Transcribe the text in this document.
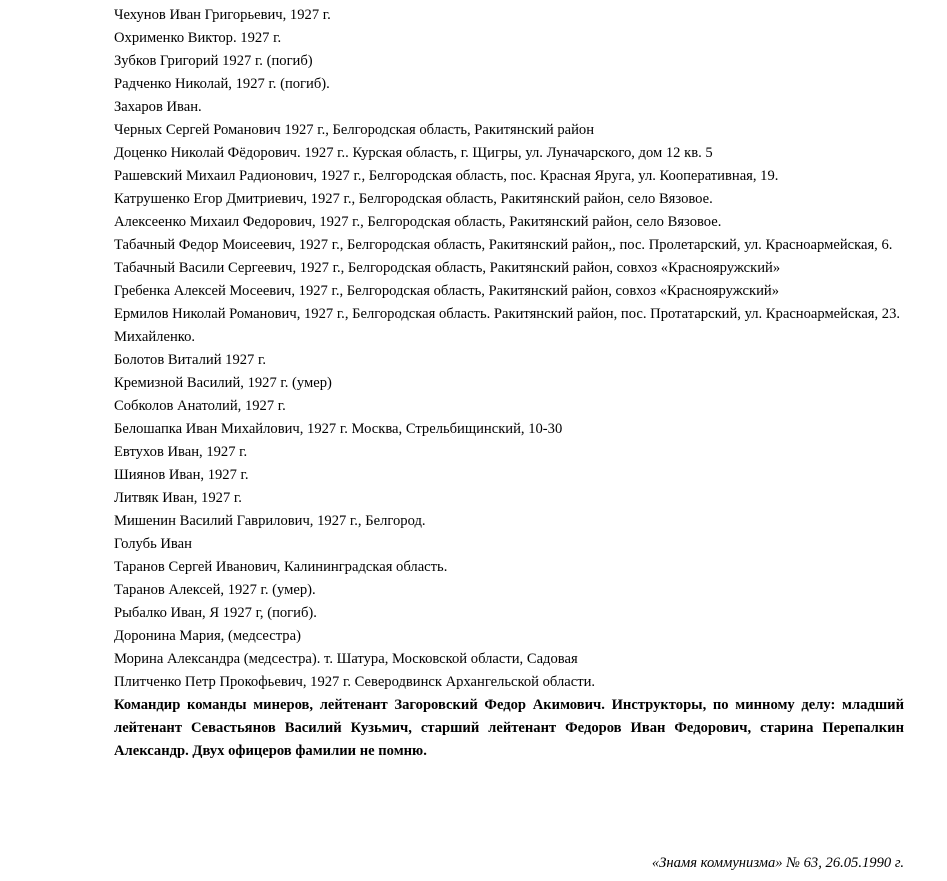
Чехунов Иван Григорьевич, 1927 г.

Охрименко Виктор. 1927 г.

Зубков Григорий 1927 г. (погиб)

Радченко Николай, 1927 г. (погиб).

Захаров Иван.

Черных Сергей Романович 1927 г., Белгородская область, Ракитянский район

Доценко Николай Фёдорович. 1927 г.. Курская область, г. Щигры, ул. Луначарского, дом 12 кв. 5

Рашевский Михаил Радионович, 1927 г., Белгородская область, пос. Красная Яруга, ул. Кооперативная, 19.

Катрушенко Егор Дмитриевич, 1927 г., Белгородская область, Ракитянский район, село Вязовое.

Алексеенко Михаил Федорович, 1927 г., Белгородская область, Ракитянский район, село Вязовое.

Табачный Федор Моисеевич, 1927 г., Белгородская область, Ракитянский район,, пос. Пролетарский, ул. Красноармейская, 6.

Табачный Васили Сергеевич, 1927 г., Белгородская область, Ракитянский район, совхоз «Краснояружский»

Гребенка Алексей Мосеевич, 1927 г., Белгородская область, Ракитянский район, совхоз «Краснояружский»

Ермилов Николай Романович, 1927 г., Белгородская область. Ракитянский район, пос. Протатарский, ул. Красноармейская, 23.

Михайленко.

Болотов Виталий 1927 г.

Кремизной Василий, 1927 г. (умер)

Собколов Анатолий, 1927 г.

Белошапка Иван Михайлович, 1927 г. Москва, Стрельбищинский, 10-30

Евтухов Иван, 1927 г.

Шиянов Иван, 1927 г.

Литвяк Иван, 1927 г.

Мишенин Василий Гаврилович, 1927 г., Белгород.

Голубь Иван

Таранов Сергей Иванович, Калининградская область.

Таранов Алексей, 1927 г. (умер).

Рыбалко Иван, Я 1927 г, (погиб).

Доронина Мария, (медсестра)

Морина Александра (медсестра). т. Шатура, Московской области, Садовая

Плитченко Петр Прокофьевич, 1927 г. Северодвинск Архангельской области.

Командир команды минеров, лейтенант Загоровский Федор Акимович. Инструкторы, по минному делу: младший лейтенант Севастьянов Василий Кузьмич, старший лейтенант Федоров Иван Федорович, старина Перепалкин Александр. Двух офицеров фамилии не помню.

«Знамя коммунизма» № 63, 26.05.1990 г.
